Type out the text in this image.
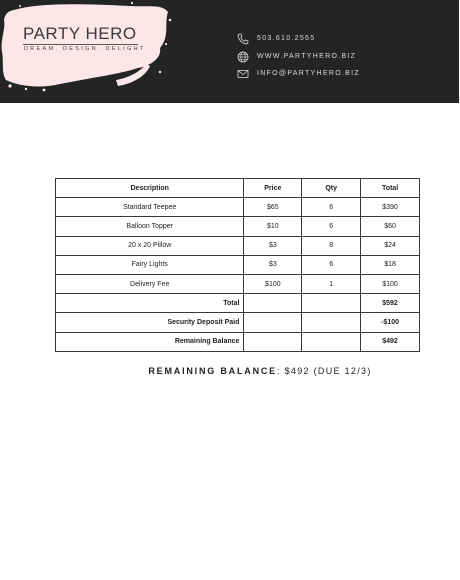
PARTY HERO
DREAM. DESIGN. DELIGHT
503.610.2565
WWW.PARTYHERO.BIZ
INFO@PARTYHERO.BIZ
Description	Price	Qty	Total
Standard Teepee	$65	6	$390
Balloon Topper	$10	6	$60
20 x 20 Pillow	$3	8	$24
Fairy Lights	$3	6	$18
Delivery Fee	$100	1	$100
Total			$592
Security Deposit Paid			-$100
Remaining Balance			$492
REMAINING BALANCE: $492 (DUE 12/3)
